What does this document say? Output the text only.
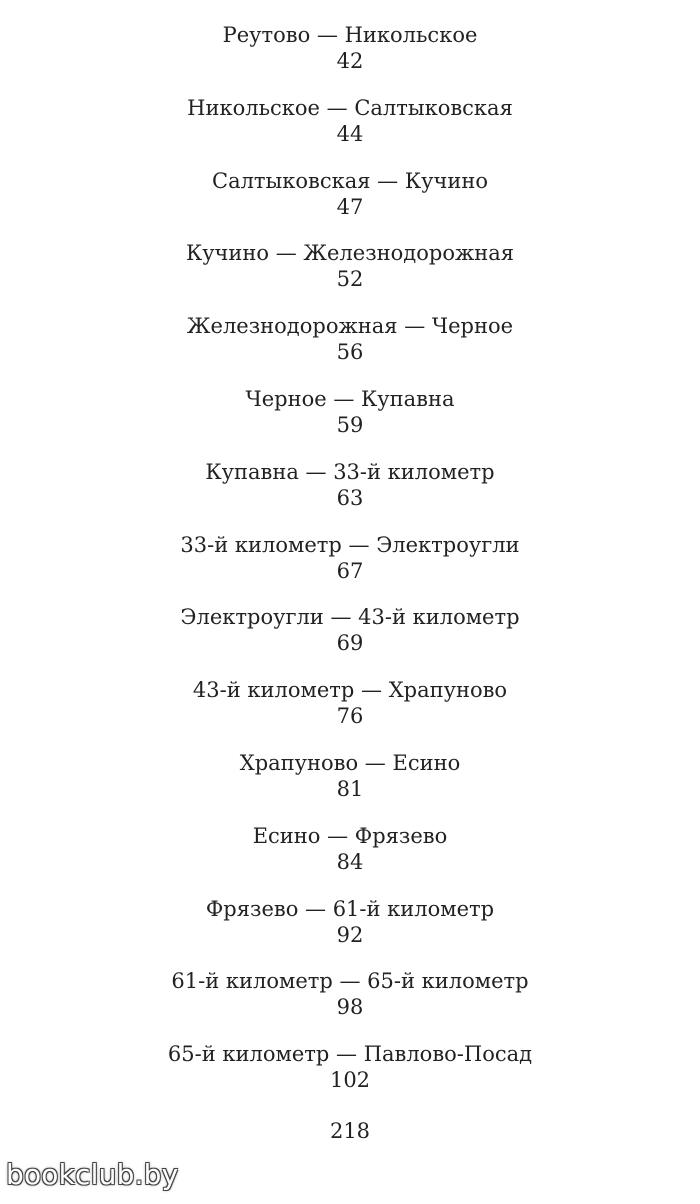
Реутово — Никольское
42
Никольское — Салтыковская
44
Салтыковская — Кучино
47
Кучино — Железнодорожная
52
Железнодорожная — Черное
56
Черное — Купавна
59
Купавна — 33-й километр
63
33-й километр — Электроугли
67
Электроугли — 43-й километр
69
43-й километр — Храпуново
76
Храпуново — Есино
81
Есино — Фрязево
84
Фрязево — 61-й километр
92
61-й километр — 65-й километр
98
65-й километр — Павлово-Посад
102
218
bookclub.by
